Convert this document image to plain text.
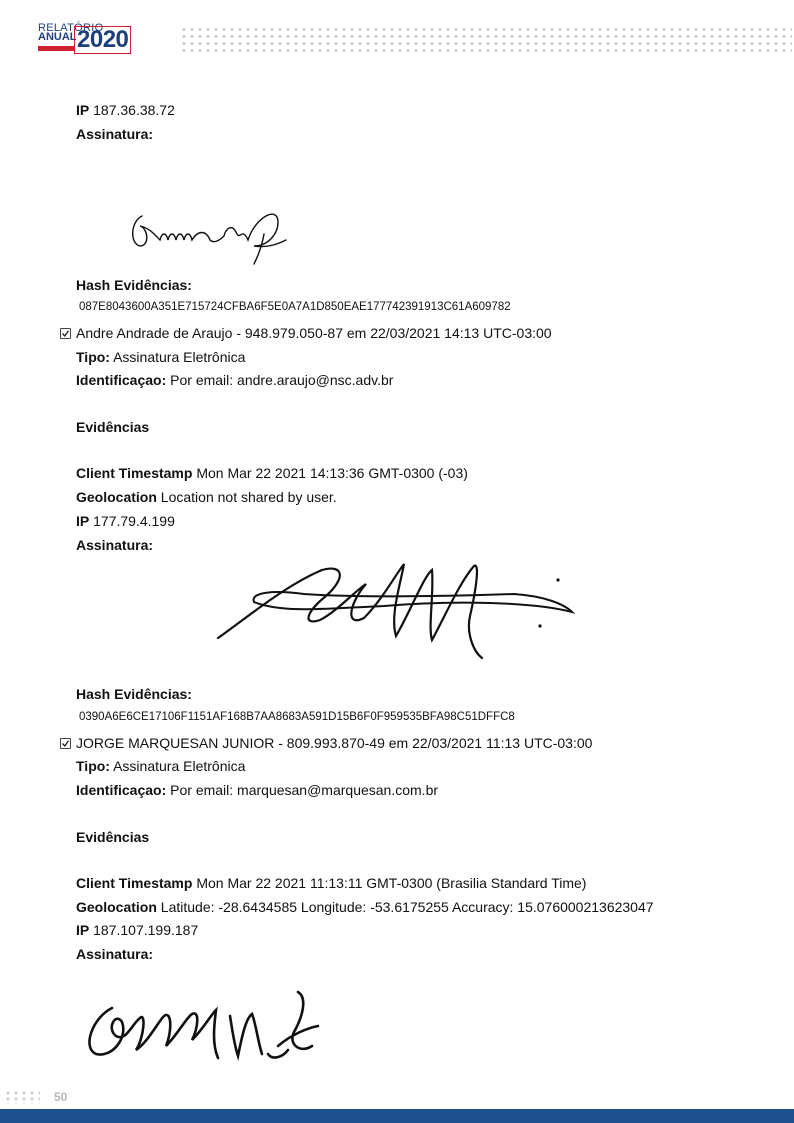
RELATÓRIO
ANUAL 2020
IP 187.36.38.72
Assinatura:
Hash Evidências:
087E8043600A351E715724CFBA6F5E0A7A1D850EAE177742391913C61A609782
Andre Andrade de Araujo - 948.979.050-87 em 22/03/2021 14:13 UTC-03:00
Tipo: Assinatura Eletrônica
Identificaçao: Por email: andre.araujo@nsc.adv.br
Evidências
Client Timestamp Mon Mar 22 2021 14:13:36 GMT-0300 (-03)
Geolocation Location not shared by user.
IP 177.79.4.199
Assinatura:
Hash Evidências:
0390A6E6CE17106F1151AF168B7AA8683A591D15B6F0F959535BFA98C51DFFC8
JORGE MARQUESAN JUNIOR - 809.993.870-49 em 22/03/2021 11:13 UTC-03:00
Tipo: Assinatura Eletrônica
Identificaçao: Por email: marquesan@marquesan.com.br
Evidências
Client Timestamp Mon Mar 22 2021 11:13:11 GMT-0300 (Brasilia Standard Time)
Geolocation Latitude: -28.6434585 Longitude: -53.6175255 Accuracy: 15.076000213623047
IP 187.107.199.187
Assinatura:
50
